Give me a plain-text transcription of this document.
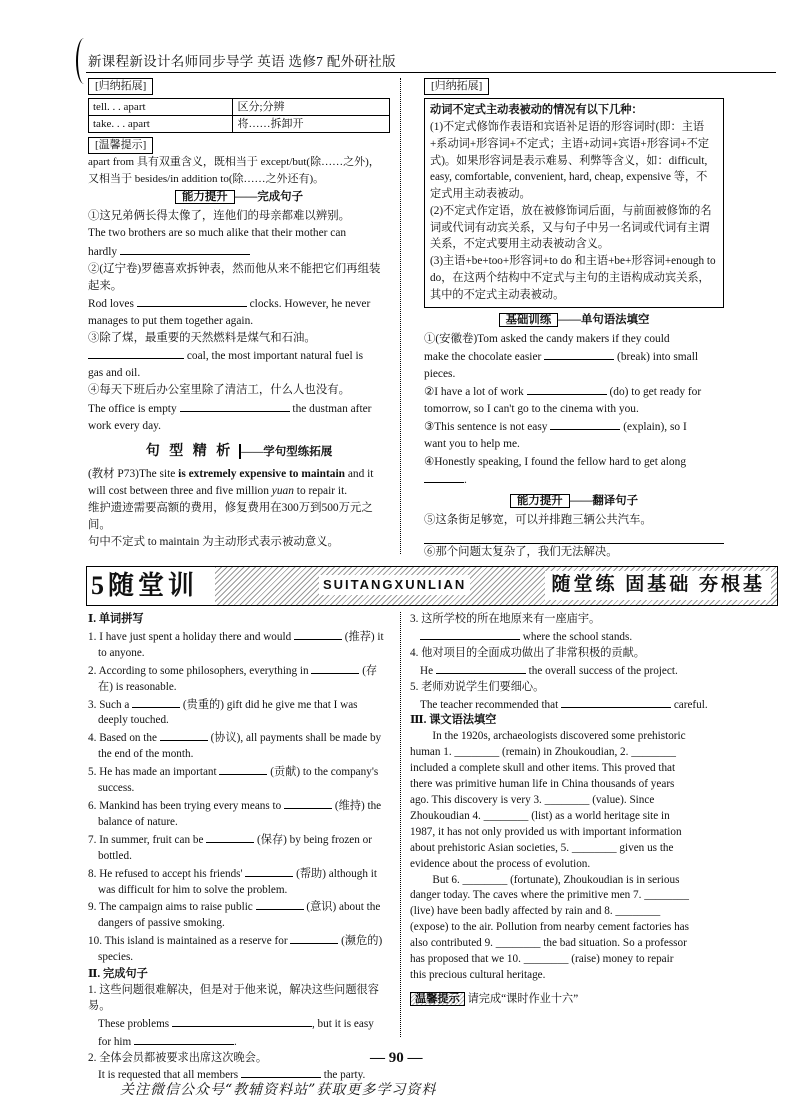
新课程新设计名师同步导学 英语 选修7 配外研社版
[ 归纳拓展 ]
tell. . . apart	区分;分辨
take. . . apart	将……拆卸开
[ 温馨提示 ]

apart from 具有双重含义，既相当于 except/but(除……之外)，又相当于 besides/in addition to(除……之外还有)。

能力提升 ——完成句子

①这兄弟俩长得太像了，连他们的母亲都难以辨别。

The two brothers are so much alike that their mother can
hardly

②(辽宁卷)罗德喜欢拆钟表，然而他从来不能把它们再组装起来。

Rod loves	clocks. However, he never
manages to put them together again.

③除了煤，最重要的天然燃料是煤气和石油。

coal, the most important natural fuel is
gas and oil.

④每天下班后办公室里除了清洁工，什么人也没有。

The office is empty	the dustman after
work every day.

句 型 精 析 ——学句型练拓展

(教材 P73)The site is extremely expensive to maintain and it will cost between three and five million yuan to repair it.

维护遗迹需要高额的费用，修复费用在300万到500万元之间。

句中不定式 to maintain 为主动形式表示被动意义。

[ 归纳拓展 ]
动词不定式主动表被动的情况有以下几种：
(1)不定式修饰作表语和宾语补足语的形容词时(即：主语+系动词+形容词+不定式；主语+动词+宾语+形容词+不定式)。如果形容词是表示难易、利弊等含义，如：difficult, easy, comfortable, convenient, hard, cheap, expensive 等，不定式用主动表被动。
(2)不定式作定语，放在被修饰词后面，与前面被修饰的名词或代词有动宾关系，又与句子中另一名词或代词有主谓关系，不定式要用主动表被动含义。
(3)主语+be+too+形容词+to do 和主语+be+形容词+enough to do，在这两个结构中不定式与主句的主语构成动宾关系，其中的不定式主动表被动。
基础训练 ——单句语法填空

①(安徽卷)Tom asked the candy makers if they could
make the chocolate easier	(break) into small
pieces.

②I have a lot of work	(do) to get ready for
tomorrow, so I can't go to the cinema with you.

③This sentence is not easy	(explain), so I
want you to help me.

④Honestly speaking, I found the fellow hard to get along
.

能力提升 ——翻译句子

⑤这条街足够宽，可以并排跑三辆公共汽车。

⑥那个问题太复杂了，我们无法解决。

5随堂训	SUITANGXUNLIAN	随堂练 固基础 夯根基
Ⅰ. 单词拼写

1. I have just spent a holiday there and would	(推荐) it to anyone.

2. According to some philosophers, everything in	(存在) is reasonable.

3. Such a	(贵重的) gift did he give me that I was deeply touched.

4. Based on the	(协议), all payments shall be made by the end of the month.

5. He has made an important	(贡献) to the company's success.

6. Mankind has been trying every means to	(维持) the balance of nature.

7. In summer, fruit can be	(保存) by being frozen or bottled.

8. He refused to accept his friends'	(帮助) although it was difficult for him to solve the problem.

9. The campaign aims to raise public	(意识) about the dangers of passive smoking.

10. This island is maintained as a reserve for	(濒危的) species.

Ⅱ. 完成句子

1. 这些问题很难解决，但是对于他来说，解决这些问题很容易。

These problems	, but it is easy
for him	.

2. 全体会员都被要求出席这次晚会。

It is requested that all members	the party.

3. 这所学校的所在地原来有一座庙宇。

where the school stands.

4. 他对项目的全面成功做出了非常积极的贡献。

He	the overall success of the project.

5. 老师劝说学生们要细心。

The teacher recommended that	careful.

Ⅲ. 课文语法填空
In the 1920s, archaeologists discovered some prehistoric
human 1. ________ (remain) in Zhoukoudian, 2. ________
included a complete skull and other items. This proved that
there was primitive human life in China thousands of years
ago. This discovery is very 3. ________ (value). Since
Zhoukoudian 4. ________ (list) as a world heritage site in
1987, it has not only provided us with important information
about prehistoric Asian societies, 5. ________ given us the
evidence about the process of evolution.
But 6. ________ (fortunate), Zhoukoudian is in serious
danger today. The caves where the primitive men 7. ________
(live) have been badly affected by rain and 8. ________
(expose) to the air. Pollution from nearby cement factories has
also contributed 9. ________ the bad situation. So a professor
has proposed that we 10. ________ (raise) money to repair
this precious cultural heritage.
温馨提示 请完成“课时作业十六”
— 90 —
关注微信公众号“教辅资料站”获取更多学习资料
